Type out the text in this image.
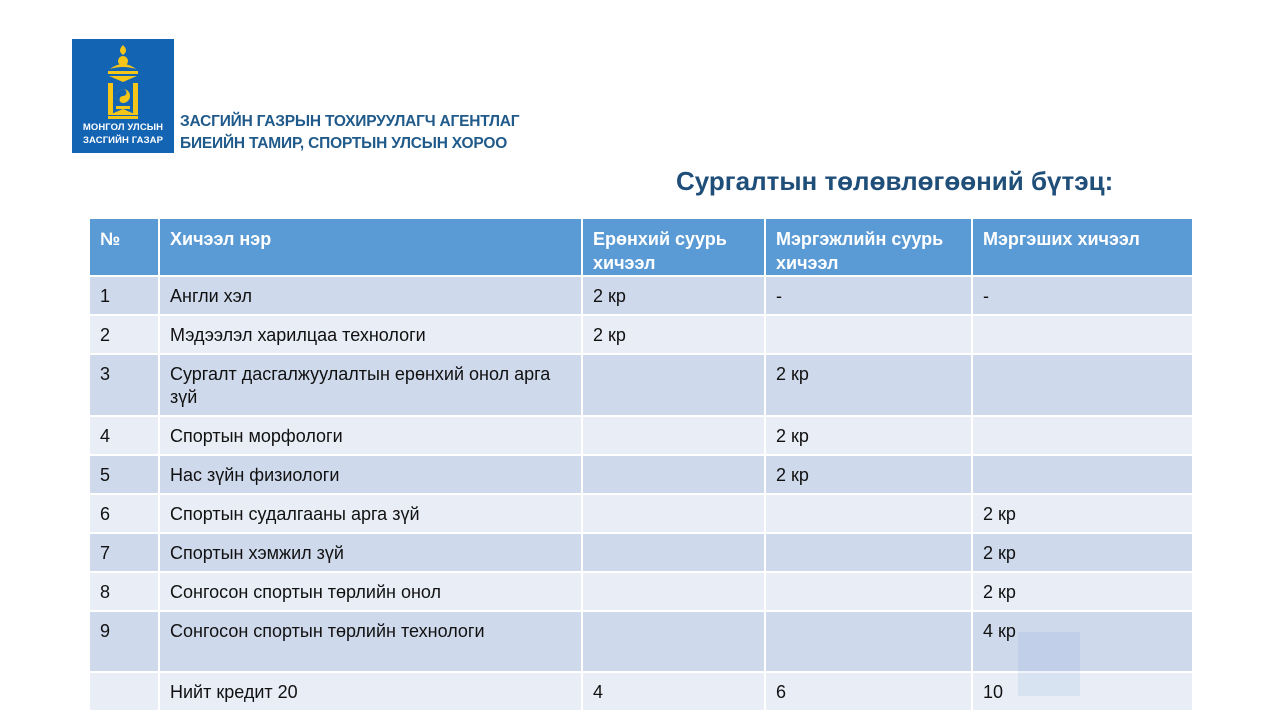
МОНГОЛ УЛСЫН
ЗАСГИЙН ГАЗАР
ЗАСГИЙН ГАЗРЫН ТОХИРУУЛАГЧ АГЕНТЛАГ
БИЕИЙН ТАМИР, СПОРТЫН УЛСЫН ХОРОО
Сургалтын төлөвлөгөөний бүтэц:
№	Хичээл нэр	Ерөнхий суурь хичээл	Мэргэжлийн суурь хичээл	Мэргэших хичээл
1	Англи хэл	2 кр	-	-
2	Мэдээлэл харилцаа технологи	2 кр		
3	Сургалт дасгалжуулалтын ерөнхий онол арга зүй		2 кр	
4	Спортын морфологи		2 кр	
5	Нас зүйн физиологи		2 кр	
6	Спортын судалгааны арга зүй			2 кр
7	Спортын хэмжил зүй			2 кр
8	Сонгосон спортын төрлийн онол			2 кр
9	Сонгосон спортын төрлийн технологи			4 кр
	Нийт кредит 20	4	6	10
